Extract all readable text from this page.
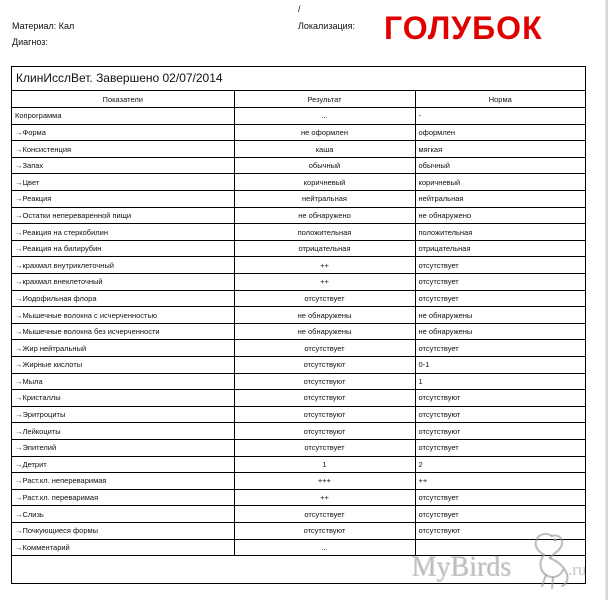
/
Материал: Кал	Локализация:
Диагноз:	ГОЛУБОК
КлинИсслВет. Завершено 02/07/2014
Показатели	Результат	Норма
Копрограмма	...	-
→Форма	не оформлен	оформлен
→Консистенция	каша	мягкая
→Запах	обычный	обычный
→Цвет	коричневый	коричневый
→Реакция	нейтральная	нейтральная
→Остатки непереваренной пищи	не обнаружено	не обнаружено
→Реакция на стеркобилин	положительная	положительная
→Реакция на билирубин	отрицательная	отрицательная
→крахмал внутриклеточный	++	отсутствует
→крахмал внеклеточный	++	отсутствует
→Иодофильная флора	отсутствует	отсутствует
→Мышечные волокна с исчерченностью	не обнаружены	не обнаружены
→Мышечные волокна без исчерченности	не обнаружены	не обнаружены
→Жир нейтральный	отсутствует	отсутствует
→Жирные кислоты	отсутствуют	0-1
→Мыла	отсутствуют	1
→Кристаллы	отсутствуют	отсутствуют
→Эритроциты	отсутствуют	отсутствуют
→Лейкоциты	отсутствуют	отсутствуют
→Эпителий	отсутствует	отсутствует
→Детрит	1	2
→Раст.кл. непереваримая	+++	++
→Раст.кл. переваримая	++	отсутствует
→Слизь	отсутствует	отсутствует
→Почкующиеся формы	отсутствуют	отсутствуют
→Комментарий	...	
MyBirds	.ru
